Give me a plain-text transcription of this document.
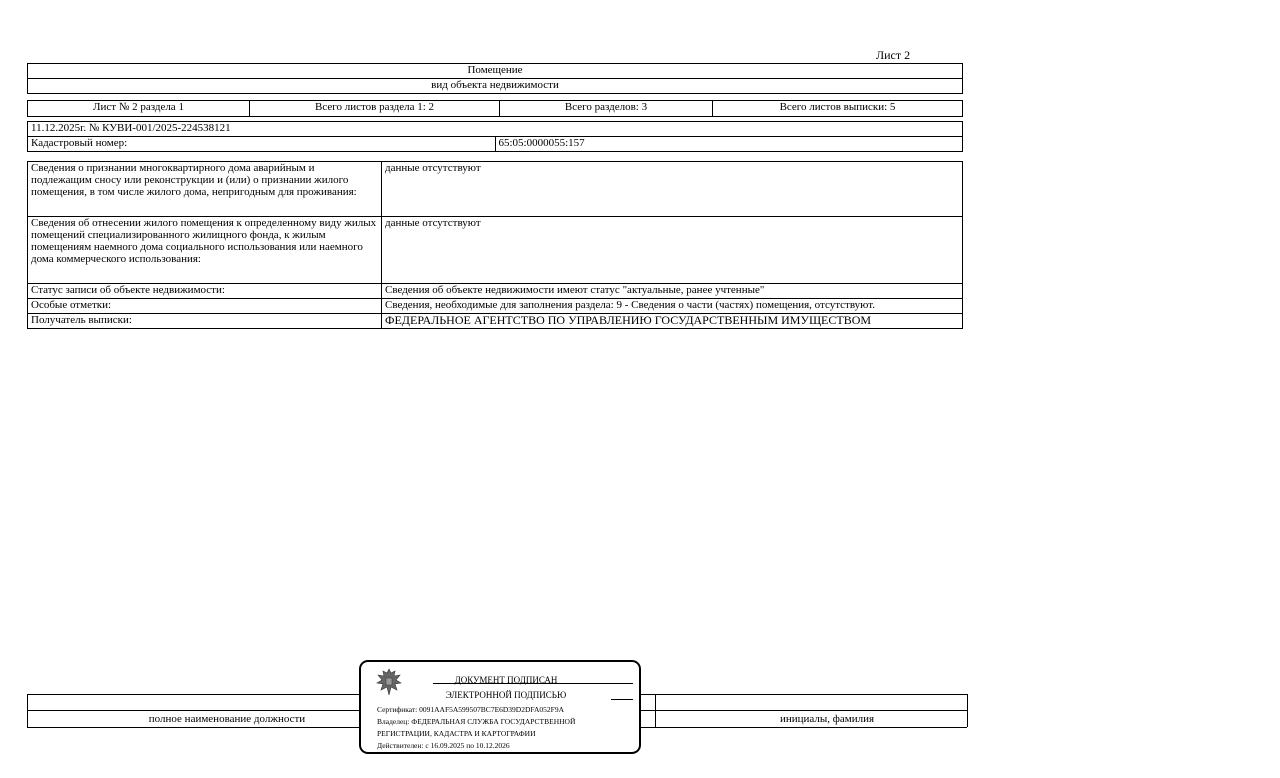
Лист 2
Помещение
вид объекта недвижимости
Лист № 2 раздела 1	Всего листов раздела 1: 2	Всего разделов: 3	Всего листов выписки: 5
11.12.2025г. № КУВИ-001/2025-224538121
Кадастровый номер:	65:05:0000055:157
Сведения о признании многоквартирного дома аварийным и подлежащим сносу или реконструкции и (или) о признании жилого помещения, в том числе жилого дома, непригодным для проживания:	данные отсутствуют
Сведения об отнесении жилого помещения к определенному виду жилых помещений специализированного жилищного фонда, к жилым помещениям наемного дома социального использования или наемного дома коммерческого использования:	данные отсутствуют
Статус записи об объекте недвижимости:	Сведения об объекте недвижимости имеют статус "актуальные, ранее учтенные"
Особые отметки:	Сведения, необходимые для заполнения раздела: 9 - Сведения о части (частях) помещения, отсутствуют.
Получатель выписки:	ФЕДЕРАЛЬНОЕ АГЕНТСТВО ПО УПРАВЛЕНИЮ ГОСУДАРСТВЕННЫМ ИМУЩЕСТВОМ
полное наименование должности	инициалы, фамилия
ДОКУМЕНТ ПОДПИСАН
ЭЛЕКТРОННОЙ ПОДПИСЬЮ
Сертификат: 0091AAF5A599507BC7E6D39D2DFA052F9A
Владелец: ФЕДЕРАЛЬНАЯ СЛУЖБА ГОСУДАРСТВЕННОЙ
РЕГИСТРАЦИИ, КАДАСТРА И КАРТОГРАФИИ
Действителен: с 16.09.2025 по 10.12.2026
